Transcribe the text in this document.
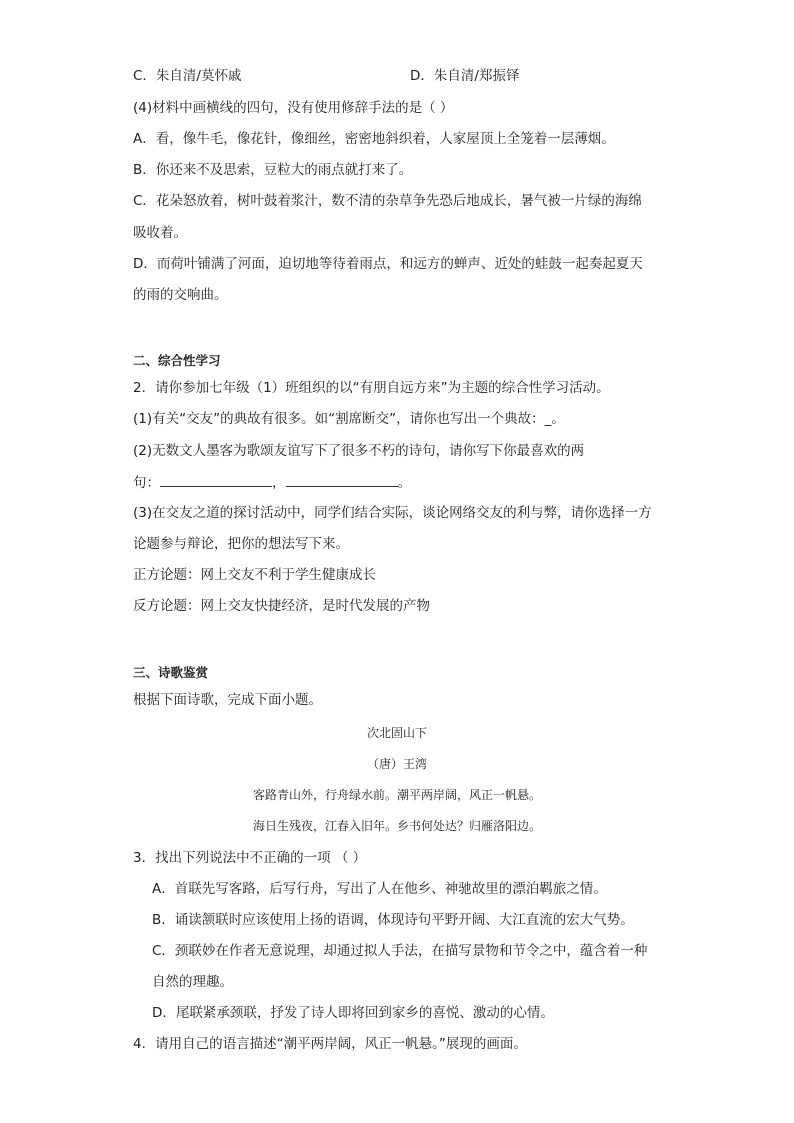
C．朱自清/莫怀戚	D．朱自清/郑振铎
(4)材料中画横线的四句，没有使用修辞手法的是（ ）
A．看，像牛毛，像花针，像细丝，密密地斜织着，人家屋顶上全笼着一层薄烟。
B．你还来不及思索，豆粒大的雨点就打来了。
C．花朵怒放着，树叶鼓着浆汁，数不清的杂草争先恐后地成长，暑气被一片绿的海绵
吸收着。
D．而荷叶铺满了河面，迫切地等待着雨点，和远方的蝉声、近处的蛙鼓一起奏起夏天
的雨的交响曲。
二、综合性学习
2．请你参加七年级（1）班组织的以“有朋自远方来”为主题的综合性学习活动。
(1)有关“交友”的典故有很多。如“割席断交”，请你也写出一个典故：_。
(2)无数文人墨客为歌颂友谊写下了很多不朽的诗句，请你写下你最喜欢的两
句：	，	。
(3)在交友之道的探讨活动中，同学们结合实际，谈论网络交友的利与弊，请你选择一方
论题参与辩论，把你的想法写下来。
正方论题：网上交友不利于学生健康成长
反方论题：网上交友快捷经济，是时代发展的产物
三、诗歌鉴赏
根据下面诗歌，完成下面小题。
次北固山下
（唐）王湾
客路青山外，行舟绿水前。潮平两岸阔，风正一帆悬。
海日生残夜，江春入旧年。乡书何处达？归雁洛阳边。
3．找出下列说法中不正确的一项 （ ）
A．首联先写客路，后写行舟，写出了人在他乡、神驰故里的漂泊羁旅之情。
B．诵读颔联时应该使用上扬的语调，体现诗句平野开阔、大江直流的宏大气势。
C．颈联妙在作者无意说理，却通过拟人手法，在描写景物和节令之中，蕴含着一种
自然的理趣。
D．尾联紧承颈联，抒发了诗人即将回到家乡的喜悦、激动的心情。
4．请用自己的语言描述“潮平两岸阔，风正一帆悬。”展现的画面。
